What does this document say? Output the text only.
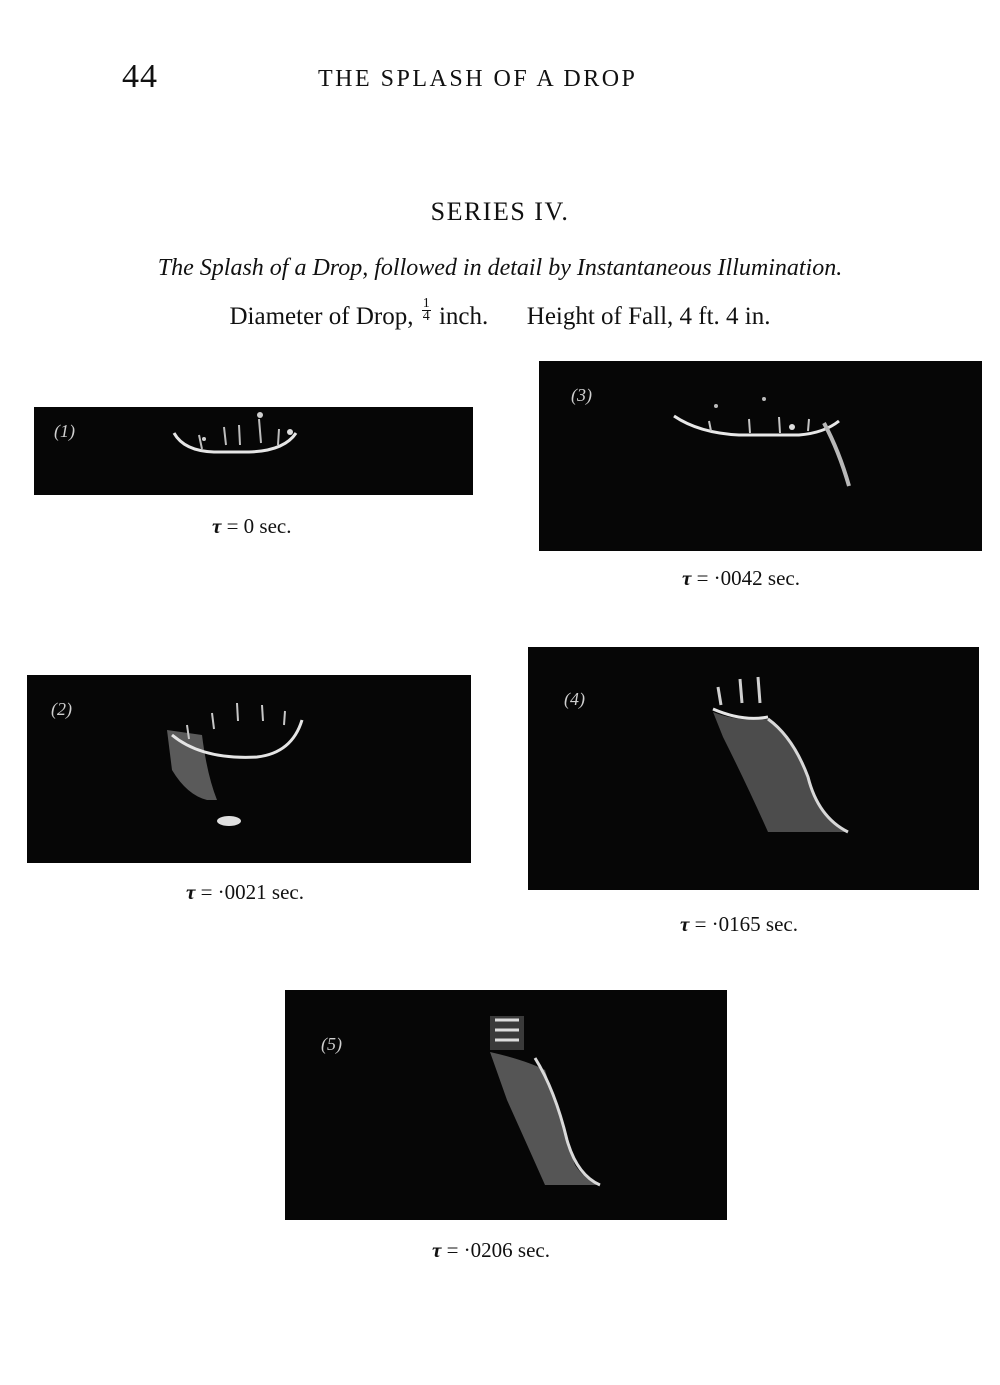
44	THE SPLASH OF A DROP
SERIES IV.
The Splash of a Drop, followed in detail by Instantaneous Illumination.
Diameter of Drop, $\frac{1}{4}$ inch. Height of Fall, 4 ft. 4 in.
(1)
τ = 0 sec.
(3)
τ = ·0042 sec.
(2)
τ = ·0021 sec.
(4)
τ = ·0165 sec.
(5)
τ = ·0206 sec.
